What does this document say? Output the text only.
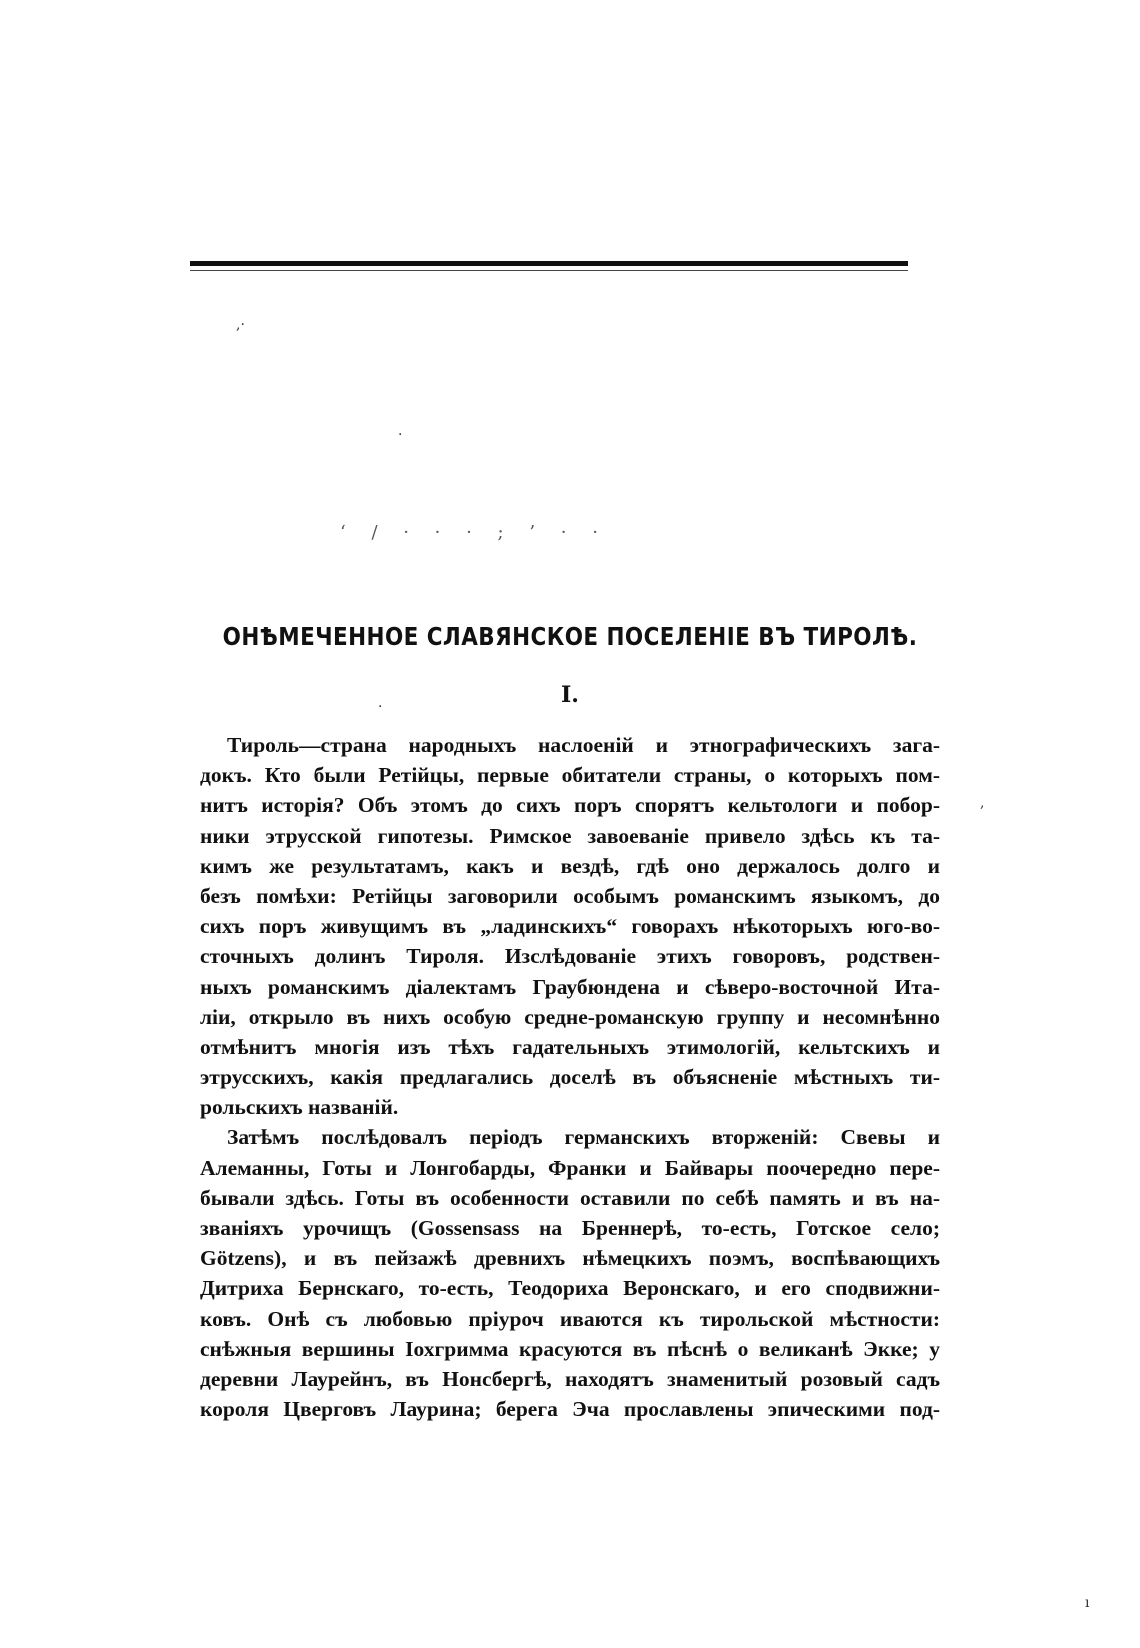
,·
·
‘ / · · · ; ’ · ·
·
,
ı
ОНѢМЕЧЕННОЕ СЛАВЯНСКОЕ ПОСЕЛЕНІЕ ВЪ ТИРОЛѢ.
I.
Тироль—страна народныхъ наслоеній и этнографическихъ зага-
докъ. Кто были Ретійцы, первые обитатели страны, о которыхъ пом-
нитъ исторія? Объ этомъ до сихъ поръ спорятъ кельтологи и побор-
ники этрусской гипотезы. Римское завоеваніе привело здѣсь къ та-
кимъ же результатамъ, какъ и вездѣ, гдѣ оно держалось долго и
безъ помѣхи: Ретійцы заговорили особымъ романскимъ языкомъ, до
сихъ поръ живущимъ въ „ладинскихъ“ говорахъ нѣкоторыхъ юго-во-
сточныхъ долинъ Тироля. Изслѣдованіе этихъ говоровъ, родствен-
ныхъ романскимъ діалектамъ Граубюндена и сѣверо-восточной Ита-
ліи, открыло въ нихъ особую средне-романскую группу и несомнѣнно
отмѣнитъ многія изъ тѣхъ гадательныхъ этимологій, кельтскихъ и
этрусскихъ, какія предлагались доселѣ въ объясненіе мѣстныхъ ти-
рольскихъ названій.
Затѣмъ послѣдовалъ періодъ германскихъ вторженій: Свевы и
Алеманны, Готы и Лонгобарды, Франки и Байвары поочередно пере-
бывали здѣсь. Готы въ особенности оставили по себѣ память и въ на-
званіяхъ урочищъ (Gossensass на Бреннерѣ, то-есть, Готское село;
Götzens), и въ пейзажѣ древнихъ нѣмецкихъ поэмъ, воспѣвающихъ
Дитриха Бернскаго, то-есть, Теодориха Веронскаго, и его сподвижни-
ковъ. Онѣ съ любовью пріуроч иваются къ тирольской мѣстности:
снѣжныя вершины Іохгримма красуются въ пѣснѣ о великанѣ Экке; у
деревни Лаурейнъ, въ Нонсбергѣ, находятъ знаменитый розовый садъ
короля Цверговъ Лаурина; берега Эча прославлены эпическими под-
